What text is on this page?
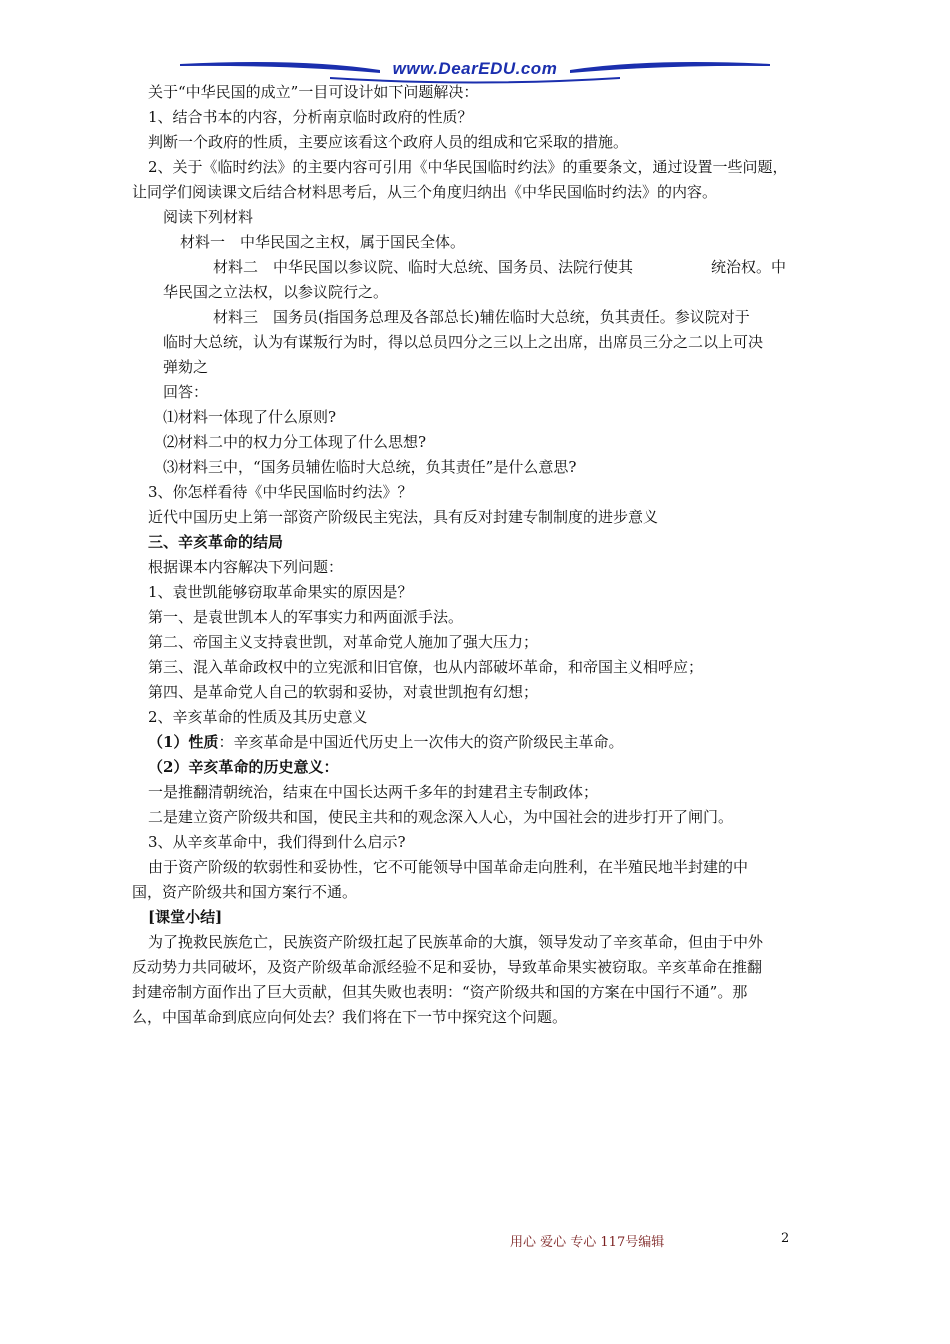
www.DearEDU.com
关于“中华民国的成立”一目可设计如下问题解决：
1、结合书本的内容，分析南京临时政府的性质？
判断一个政府的性质，主要应该看这个政府人员的组成和它采取的措施。
2、关于《临时约法》的主要内容可引用《中华民国临时约法》的重要条文，通过设置一些问题，
让同学们阅读课文后结合材料思考后，从三个角度归纳出《中华民国临时约法》的内容。
阅读下列材料
材料一　中华民国之主权，属于国民全体。
材料二　中华民国以参议院、临时大总统、国务员、法院行使其	统治权。中
华民国之立法权，以参议院行之。
材料三　国务员(指国务总理及各部总长)辅佐临时大总统，负其责任。参议院对于
临时大总统，认为有谋叛行为时，得以总员四分之三以上之出席，出席员三分之二以上可决
弹劾之
回答：
⑴材料一体现了什么原则?
⑵材料二中的权力分工体现了什么思想?
⑶材料三中，“国务员辅佐临时大总统，负其责任”是什么意思?
3、你怎样看待《中华民国临时约法》？
近代中国历史上第一部资产阶级民主宪法，具有反对封建专制制度的进步意义
三、辛亥革命的结局
根据课本内容解决下列问题：
1、袁世凯能够窃取革命果实的原因是？
第一、是袁世凯本人的军事实力和两面派手法。
第二、帝国主义支持袁世凯，对革命党人施加了强大压力；
第三、混入革命政权中的立宪派和旧官僚，也从内部破坏革命，和帝国主义相呼应；
第四、是革命党人自己的软弱和妥协，对袁世凯抱有幻想；
2、辛亥革命的性质及其历史意义
（1）性质：辛亥革命是中国近代历史上一次伟大的资产阶级民主革命。
（2）辛亥革命的历史意义：
一是推翻清朝统治，结束在中国长达两千多年的封建君主专制政体；
二是建立资产阶级共和国，使民主共和的观念深入人心，为中国社会的进步打开了闸门。
3、从辛亥革命中，我们得到什么启示?
由于资产阶级的软弱性和妥协性，它不可能领导中国革命走向胜利，在半殖民地半封建的中
国，资产阶级共和国方案行不通。
[课堂小结]
为了挽救民族危亡，民族资产阶级扛起了民族革命的大旗，领导发动了辛亥革命，但由于中外
反动势力共同破坏，及资产阶级革命派经验不足和妥协，导致革命果实被窃取。辛亥革命在推翻
封建帝制方面作出了巨大贡献，但其失败也表明：“资产阶级共和国的方案在中国行不通”。那
么，中国革命到底应向何处去？我们将在下一节中探究这个问题。
用心 爱心 专心 117号编辑	2
